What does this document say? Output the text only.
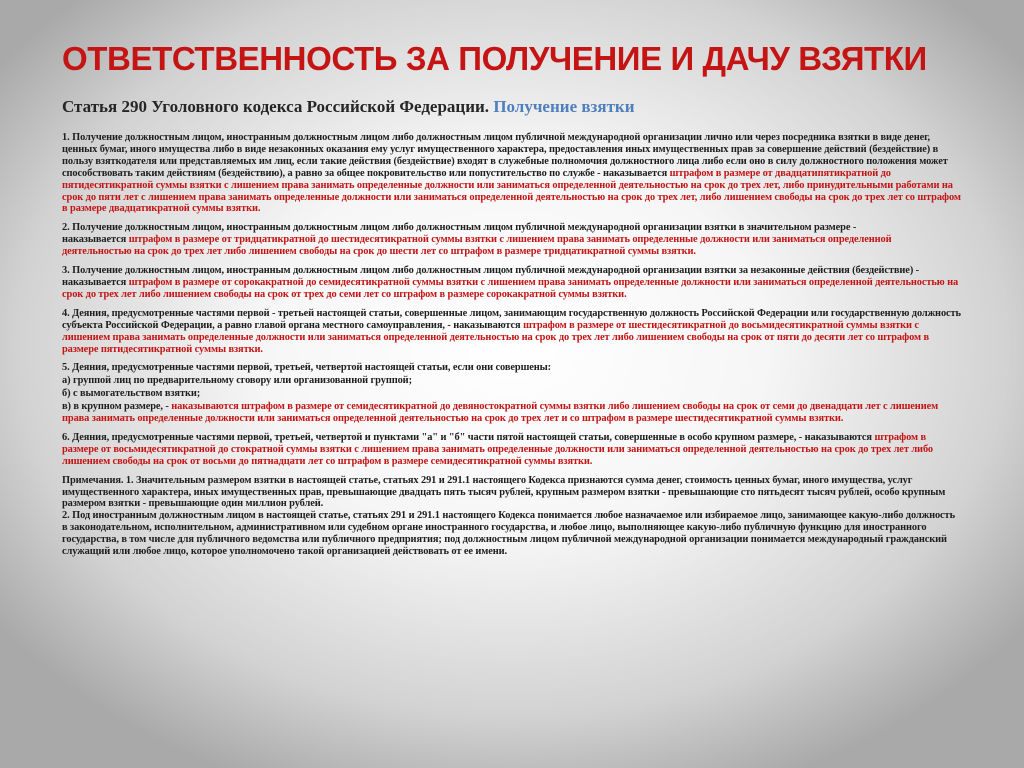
ОТВЕТСТВЕННОСТЬ ЗА ПОЛУЧЕНИЕ И ДАЧУ ВЗЯТКИ
Статья 290 Уголовного кодекса Российской Федерации. Получение взятки

1. Получение должностным лицом, иностранным должностным лицом либо должностным лицом публичной международной организации лично или через посредника взятки в виде денег, ценных бумаг, иного имущества либо в виде незаконных оказания ему услуг имущественного характера, предоставления иных имущественных прав за совершение действий (бездействие) в пользу взяткодателя или представляемых им лиц, если такие действия (бездействие) входят в служебные полномочия должностного лица либо если оно в силу должностного положения может способствовать таким действиям (бездействию), а равно за общее покровительство или попустительство по службе - наказывается штрафом в размере от двадцатипятикратной до пятидесятикратной суммы взятки с лишением права занимать определенные должности или заниматься определенной деятельностью на срок до трех лет, либо принудительными работами на срок до пяти лет с лишением права занимать определенные должности или заниматься определенной деятельностью на срок до трех лет, либо лишением свободы на срок до трех лет со штрафом в размере двадцатикратной суммы взятки.

2. Получение должностным лицом, иностранным должностным лицом либо должностным лицом публичной международной организации взятки в значительном размере -

наказывается штрафом в размере от тридцатикратной до шестидесятикратной суммы взятки с лишением права занимать определенные должности или заниматься определенной деятельностью на срок до трех лет либо лишением свободы на срок до шести лет со штрафом в размере тридцатикратной суммы взятки.

3. Получение должностным лицом, иностранным должностным лицом либо должностным лицом публичной международной организации взятки за незаконные действия (бездействие) - наказывается штрафом в размере от сорокакратной до семидесятикратной суммы взятки с лишением права занимать определенные должности или заниматься определенной деятельностью на срок до трех лет либо лишением свободы на срок от трех до семи лет со штрафом в размере сорокакратной суммы взятки.

4. Деяния, предусмотренные частями первой - третьей настоящей статьи, совершенные лицом, занимающим государственную должность Российской Федерации или государственную должность субъекта Российской Федерации, а равно главой органа местного самоуправления, - наказываются штрафом в размере от шестидесятикратной до восьмидесятикратной суммы взятки с лишением права занимать определенные должности или заниматься определенной деятельностью на срок до трех лет либо лишением свободы на срок от пяти до десяти лет со штрафом в размере пятидесятикратной суммы взятки.

5. Деяния, предусмотренные частями первой, третьей, четвертой настоящей статьи, если они совершены:

а) группой лиц по предварительному сговору или организованной группой;

б) с вымогательством взятки;

в) в крупном размере, - наказываются штрафом в размере от семидесятикратной до девяностократной суммы взятки либо лишением свободы на срок от семи до двенадцати лет с лишением права занимать определенные должности или заниматься определенной деятельностью на срок до трех лет и со штрафом в размере шестидесятикратной суммы взятки.

6. Деяния, предусмотренные частями первой, третьей, четвертой и пунктами "а" и "б" части пятой настоящей статьи, совершенные в особо крупном размере, - наказываются штрафом в размере от восьмидесятикратной до стократной суммы взятки с лишением права занимать определенные должности или заниматься определенной деятельностью на срок до трех лет либо лишением свободы на срок от восьми до пятнадцати лет со штрафом в размере семидесятикратной суммы взятки.

Примечания. 1. Значительным размером взятки в настоящей статье, статьях 291 и 291.1 настоящего Кодекса признаются сумма денег, стоимость ценных бумаг, иного имущества, услуг имущественного характера, иных имущественных прав, превышающие двадцать пять тысяч рублей, крупным размером взятки - превышающие сто пятьдесят тысяч рублей, особо крупным размером взятки - превышающие один миллион рублей.

2. Под иностранным должностным лицом в настоящей статье, статьях 291 и 291.1 настоящего Кодекса понимается любое назначаемое или избираемое лицо, занимающее какую-либо должность в законодательном, исполнительном, административном или судебном органе иностранного государства, и любое лицо, выполняющее какую-либо публичную функцию для иностранного государства, в том числе для публичного ведомства или публичного предприятия; под должностным лицом публичной международной организации понимается международный гражданский служащий или любое лицо, которое уполномочено такой организацией действовать от ее имени.
